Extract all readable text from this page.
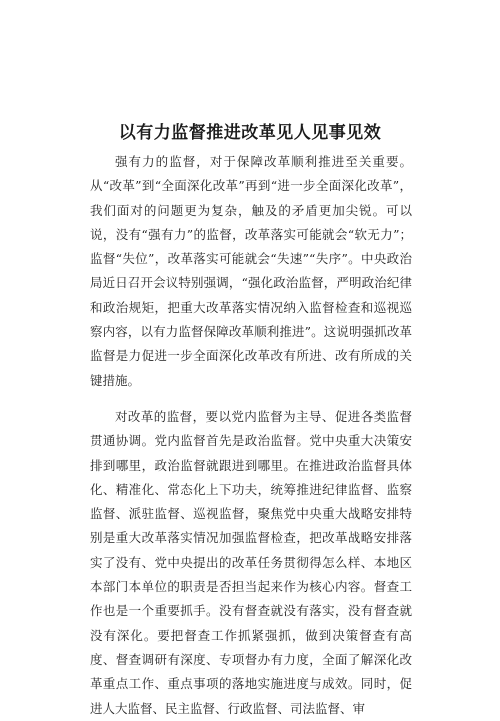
以有力监督推进改革见人见事见效

强有力的监督，对于保障改革顺利推进至关重要。从“改革”到“全面深化改革”再到“进一步全面深化改革”，我们面对的问题更为复杂，触及的矛盾更加尖锐。可以说，没有“强有力”的监督，改革落实可能就会“软无力”；监督“失位”，改革落实可能就会“失速”“失序”。中央政治局近日召开会议特别强调，“强化政治监督，严明政治纪律和政治规矩，把重大改革落实情况纳入监督检查和巡视巡察内容，以有力监督保障改革顺利推进”。这说明强抓改革监督是力促进一步全面深化改革改有所进、改有所成的关键措施。

对改革的监督，要以党内监督为主导、促进各类监督贯通协调。党内监督首先是政治监督。党中央重大决策安排到哪里，政治监督就跟进到哪里。在推进政治监督具体化、精准化、常态化上下功夫，统筹推进纪律监督、监察监督、派驻监督、巡视监督，聚焦党中央重大战略安排特别是重大改革落实情况加强监督检查，把改革战略安排落实了没有、党中央提出的改革任务贯彻得怎么样、本地区本部门本单位的职责是否担当起来作为核心内容。督查工作也是一个重要抓手。没有督查就没有落实，没有督查就没有深化。要把督查工作抓紧强抓，做到决策督查有高度、督查调研有深度、专项督办有力度，全面了解深化改革重点工作、重点事项的落地实施进度与成效。同时，促进人大监督、民主监督、行政监督、司法监督、审
